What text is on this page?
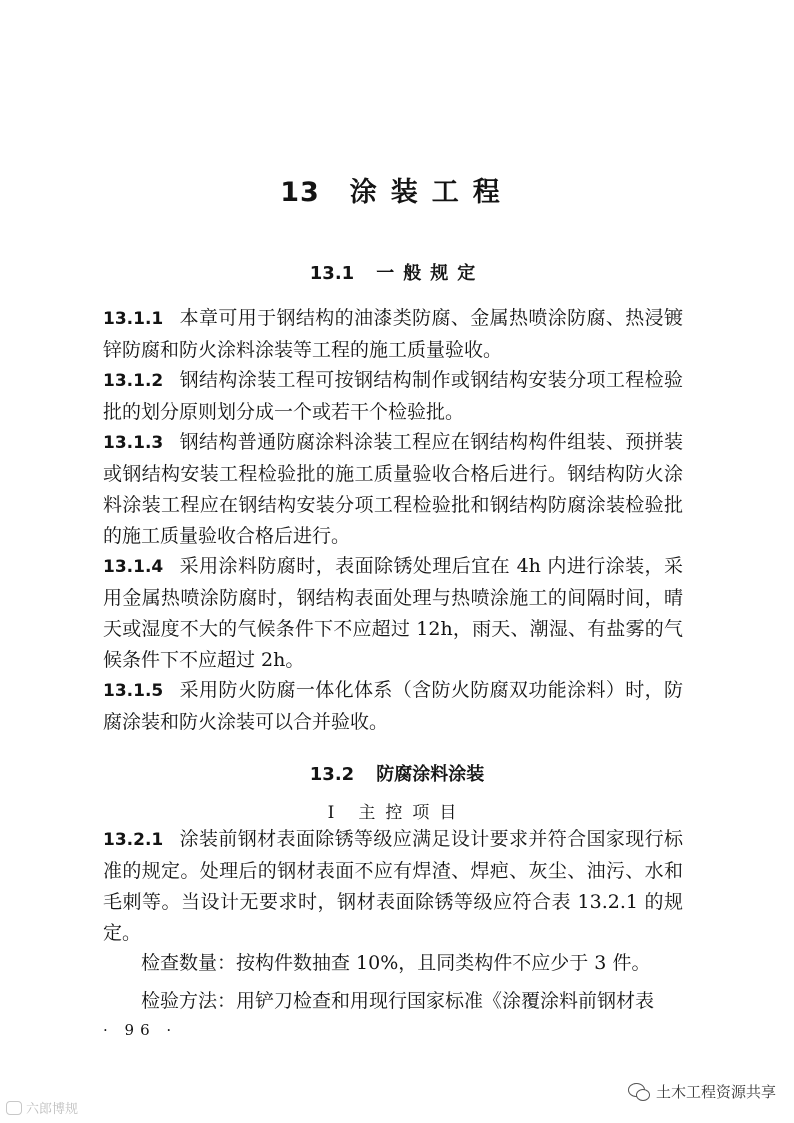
13 涂装工程
13.1 一般规定
13.1.1 本章可用于钢结构的油漆类防腐、金属热喷涂防腐、热浸镀锌防腐和防火涂料涂装等工程的施工质量验收。
13.1.2 钢结构涂装工程可按钢结构制作或钢结构安装分项工程检验批的划分原则划分成一个或若干个检验批。
13.1.3 钢结构普通防腐涂料涂装工程应在钢结构构件组装、预拼装或钢结构安装工程检验批的施工质量验收合格后进行。钢结构防火涂料涂装工程应在钢结构安装分项工程检验批和钢结构防腐涂装检验批的施工质量验收合格后进行。
13.1.4 采用涂料防腐时，表面除锈处理后宜在 4h 内进行涂装，采用金属热喷涂防腐时，钢结构表面处理与热喷涂施工的间隔时间，晴天或湿度不大的气候条件下不应超过 12h，雨天、潮湿、有盐雾的气候条件下不应超过 2h。
13.1.5 采用防火防腐一体化体系（含防火防腐双功能涂料）时，防腐涂装和防火涂装可以合并验收。
13.2 防腐涂料涂装
Ⅰ 主控项目
13.2.1 涂装前钢材表面除锈等级应满足设计要求并符合国家现行标准的规定。处理后的钢材表面不应有焊渣、焊疤、灰尘、油污、水和毛刺等。当设计无要求时，钢材表面除锈等级应符合表 13.2.1 的规定。
检查数量：按构件数抽查 10%，且同类构件不应少于 3 件。
检验方法：用铲刀检查和用现行国家标准《涂覆涂料前钢材表
· 96 ·
土木工程资源共享
六郎博规
